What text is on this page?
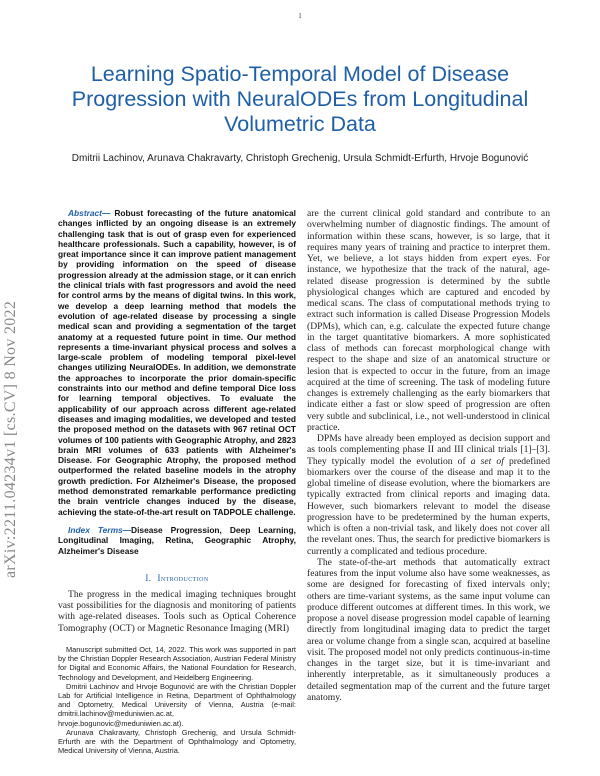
1
arXiv:2211.04234v1 [cs.CV] 8 Nov 2022
Learning Spatio-Temporal Model of Disease Progression with NeuralODEs from Longitudinal Volumetric Data
Dmitrii Lachinov, Arunava Chakravarty, Christoph Grechenig, Ursula Schmidt-Erfurth, Hrvoje Bogunović

Abstract— Robust forecasting of the future anatomical changes inflicted by an ongoing disease is an extremely challenging task that is out of grasp even for experienced healthcare professionals. Such a capability, however, is of great importance since it can improve patient management by providing information on the speed of disease progression already at the admission stage, or it can enrich the clinical trials with fast progressors and avoid the need for control arms by the means of digital twins. In this work, we develop a deep learning method that models the evolution of age-related disease by processing a single medical scan and providing a segmentation of the target anatomy at a requested future point in time. Our method represents a time-invariant physical process and solves a large-scale problem of modeling temporal pixel-level changes utilizing NeuralODEs. In addition, we demonstrate the approaches to incorporate the prior domain-specific constraints into our method and define temporal Dice loss for learning temporal objectives. To evaluate the applicability of our approach across different age-related diseases and imaging modalities, we developed and tested the proposed method on the datasets with 967 retinal OCT volumes of 100 patients with Geographic Atrophy, and 2823 brain MRI volumes of 633 patients with Alzheimer's Disease. For Geographic Atrophy, the proposed method outperformed the related baseline models in the atrophy growth prediction. For Alzheimer's Disease, the proposed method demonstrated remarkable performance predicting the brain ventricle changes induced by the disease, achieving the state-of-the-art result on TADPOLE challenge.

Index Terms—Disease Progression, Deep Learning, Longitudinal Imaging, Retina, Geographic Atrophy, Alzheimer's Disease

I. Introduction

The progress in the medical imaging techniques brought vast possibilities for the diagnosis and monitoring of patients with age-related diseases. Tools such as Optical Coherence Tomography (OCT) or Magnetic Resonance Imaging (MRI)

Manuscript submitted Oct, 14, 2022. This work was supported in part by the Christian Doppler Research Association, Austrian Federal Ministry for Digital and Economic Affairs, the National Foundation for Research, Technology and Development, and Heidelberg Engineering.

Dmitrii Lachinov and Hrvoje Bogunović are with the Christian Doppler Lab for Artificial Intelligence in Retina, Department of Ophthalmology and Optometry, Medical University of Vienna, Austria (e-mail: dmitrii.lachinov@meduniwien.ac.at, hrvoje.bogunovic@meduniwien.ac.at).

Arunava Chakravarty, Christoph Grechenig, and Ursula Schmidt-Erfurth are with the Department of Ophthalmology and Optometry, Medical University of Vienna, Austria.

are the current clinical gold standard and contribute to an overwhelming number of diagnostic findings. The amount of information within these scans, however, is so large, that it requires many years of training and practice to interpret them. Yet, we believe, a lot stays hidden from expert eyes. For instance, we hypothesize that the track of the natural, age-related disease progression is determined by the subtle physiological changes which are captured and encoded by medical scans. The class of computational methods trying to extract such information is called Disease Progression Models (DPMs), which can, e.g. calculate the expected future change in the target quantitative biomarkers. A more sophisticated class of methods can forecast morphological change with respect to the shape and size of an anatomical structure or lesion that is expected to occur in the future, from an image acquired at the time of screening. The task of modeling future changes is extremely challenging as the early biomarkers that indicate either a fast or slow speed of progression are often very subtle and subclinical, i.e., not well-understood in clinical practice.

DPMs have already been employed as decision support and as tools complementing phase II and III clinical trials [1]–[3]. They typically model the evolution of a set of predefined biomarkers over the course of the disease and map it to the global timeline of disease evolution, where the biomarkers are typically extracted from clinical reports and imaging data. However, such biomarkers relevant to model the disease progression have to be predetermined by the human experts, which is often a non-trivial task, and likely does not cover all the revelant ones. Thus, the search for predictive biomarkers is currently a complicated and tedious procedure.

The state-of-the-art methods that automatically extract features from the input volume also have some weaknesses, as some are designed for forecasting of fixed intervals only; others are time-variant systems, as the same input volume can produce different outcomes at different times. In this work, we propose a novel disease progression model capable of learning directly from longitudinal imaging data to predict the target area or volume change from a single scan, acquired at baseline visit. The proposed model not only predicts continuous-in-time changes in the target size, but it is time-invariant and inherently interpretable, as it simultaneously produces a detailed segmentation map of the current and the future target anatomy.
